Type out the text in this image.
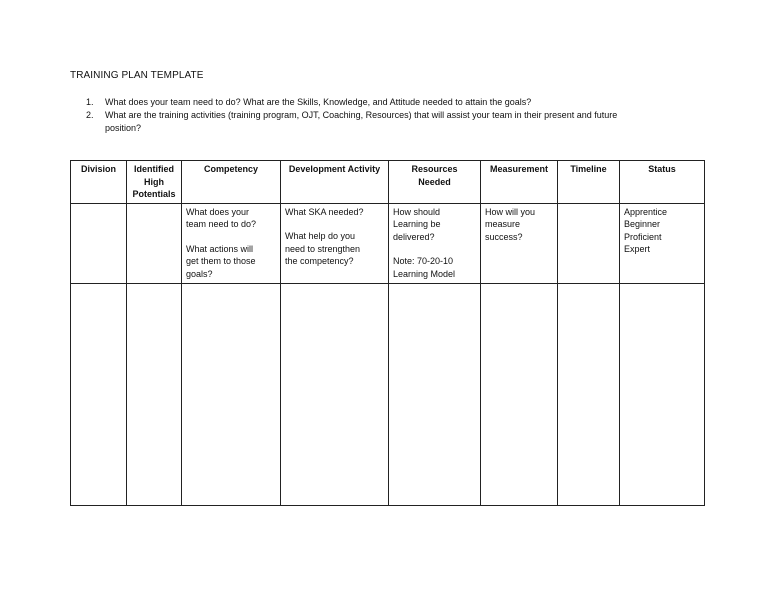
TRAINING PLAN TEMPLATE
1. What does your team need to do? What are the Skills, Knowledge, and Attitude needed to attain the goals?
2. What are the training activities (training program, OJT, Coaching, Resources) that will assist your team in their present and future
position?
Division	Identified
High
Potentials	Competency	Development Activity	Resources
Needed	Measurement	Timeline	Status

		What does your
team need to do?
What actions will
get them to those
goals?	What SKA needed?
What help do you
need to strengthen
the competency?	How should
Learning be
delivered?
Note: 70-20-10
Learning Model	How will you
measure
success?		Apprentice
Beginner
Proficient
Expert
